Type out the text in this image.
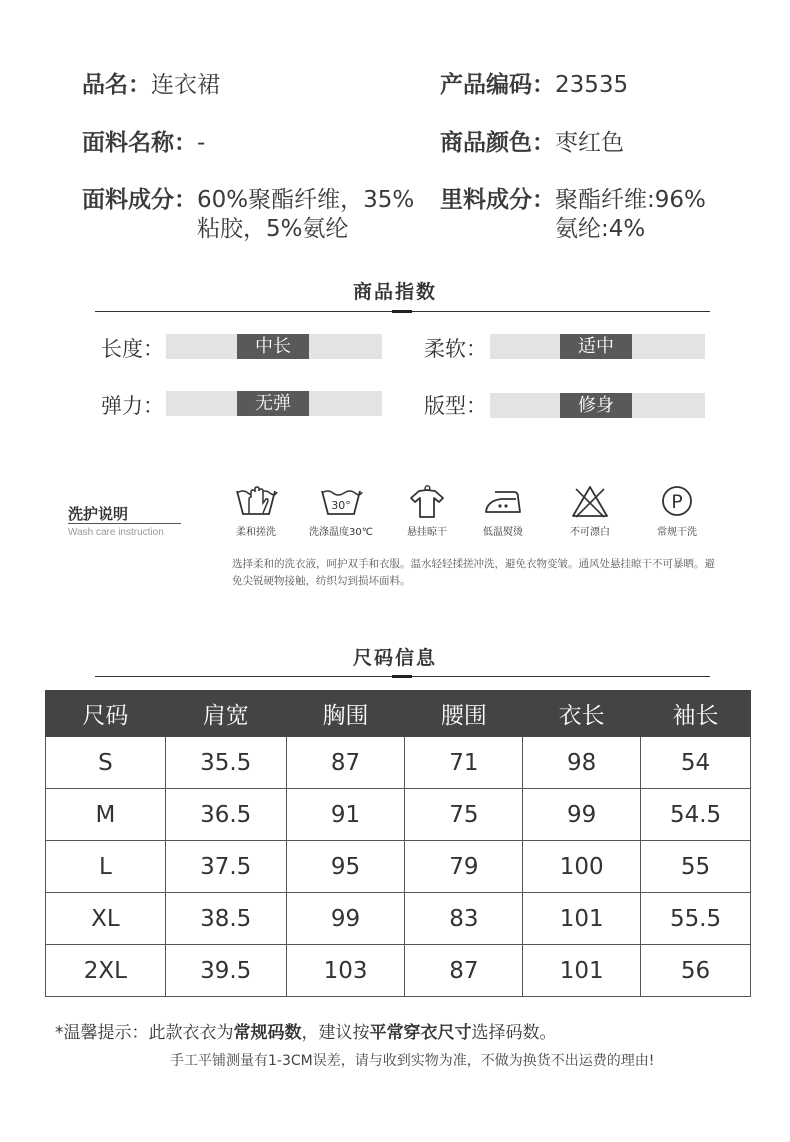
品名： 连衣裙	产品编码： 23535
面料名称： -	商品颜色： 枣红色
面料成分： 60%聚酯纤维，35%
粘胶，5%氨纶
里料成分： 聚酯纤维:96%
氨纶:4%
商品指数
长度：	中长	柔软：	适中
弹力：	无弹	版型：	修身
洗护说明
Wash care instruction	柔和搓洗
30°
洗涤温度30℃	悬挂晾干	低温熨烫	不可漂白
P
常规干洗
选择柔和的洗衣液，呵护双手和衣服。温水轻轻揉搓冲洗，避免衣物变皱。通风处悬挂晾干不可暴晒。避免尖锐硬物接触，纺织勾到损坏面料。
尺码信息
尺码	肩宽	胸围	腰围	衣长	袖长
S	35.5	87	71	98	54
M	36.5	91	75	99	54.5
L	37.5	95	79	100	55
XL	38.5	99	83	101	55.5
2XL	39.5	103	87	101	56
*温馨提示：此款衣衣为常规码数，建议按平常穿衣尺寸选择码数。
手工平铺测量有1-3CM误差，请与收到实物为准，不做为换货不出运费的理由!
